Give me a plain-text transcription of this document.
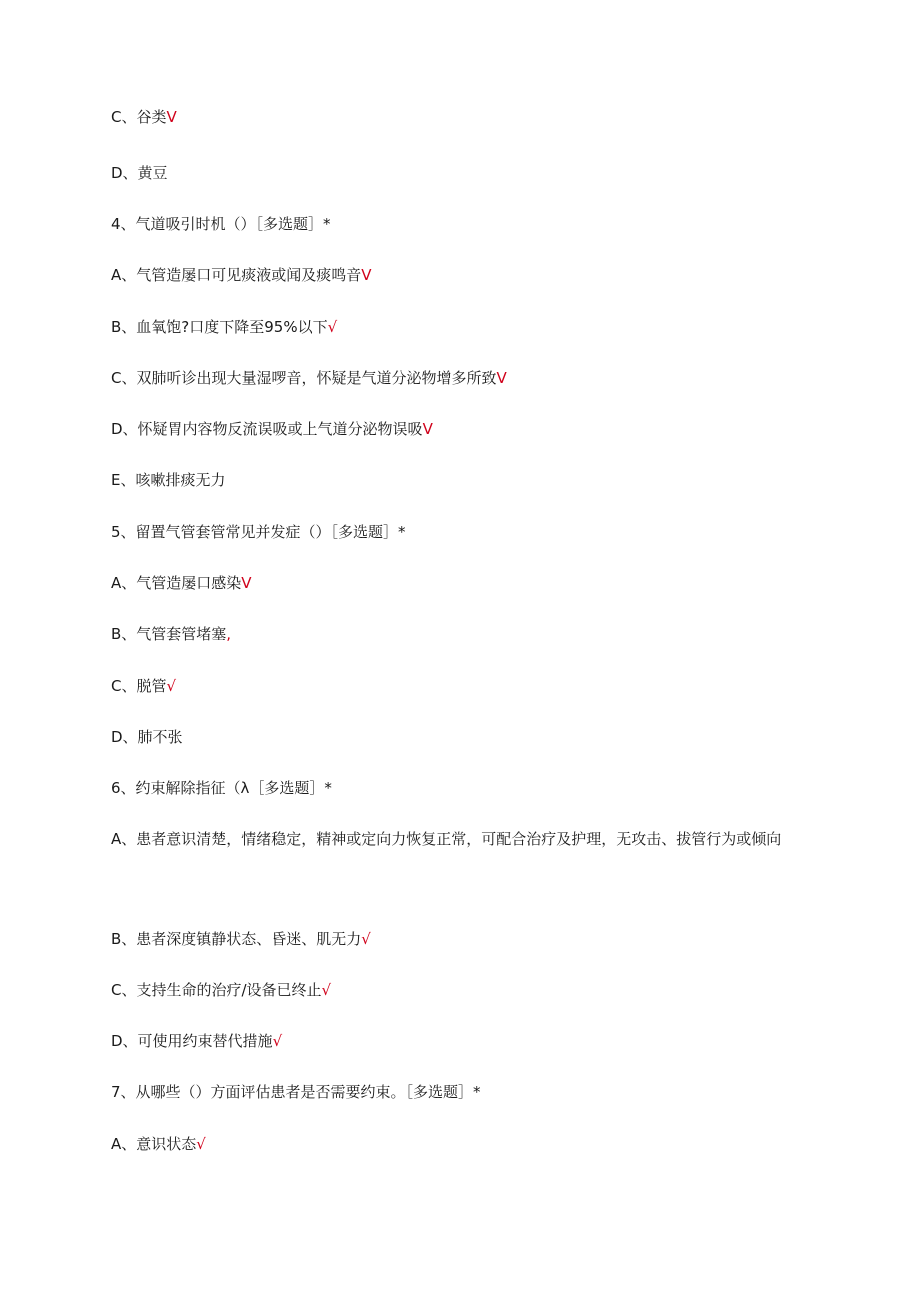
C、谷类V
D、黄豆
4、气道吸引时机（）［多选题］*
A、气管造屡口可见痰液或闻及痰鸣音V
B、血氧饱?口度下降至95%以下√
C、双肺听诊出现大量湿啰音，怀疑是气道分泌物增多所致V
D、怀疑胃内容物反流误吸或上气道分泌物误吸V
E、咳嗽排痰无力
5、留置气管套管常见并发症（）［多选题］*
A、气管造屡口感染V
B、气管套管堵塞,
C、脱管√
D、肺不张
6、约束解除指征（λ［多选题］*
A、患者意识清楚，情绪稳定，精神或定向力恢复正常，可配合治疗及护理，无攻击、拔管行为或倾向
B、患者深度镇静状态、昏迷、肌无力√
C、支持生命的治疗/设备已终止√
D、可使用约束替代措施√
7、从哪些（）方面评估患者是否需要约束。［多选题］*
A、意识状态√
